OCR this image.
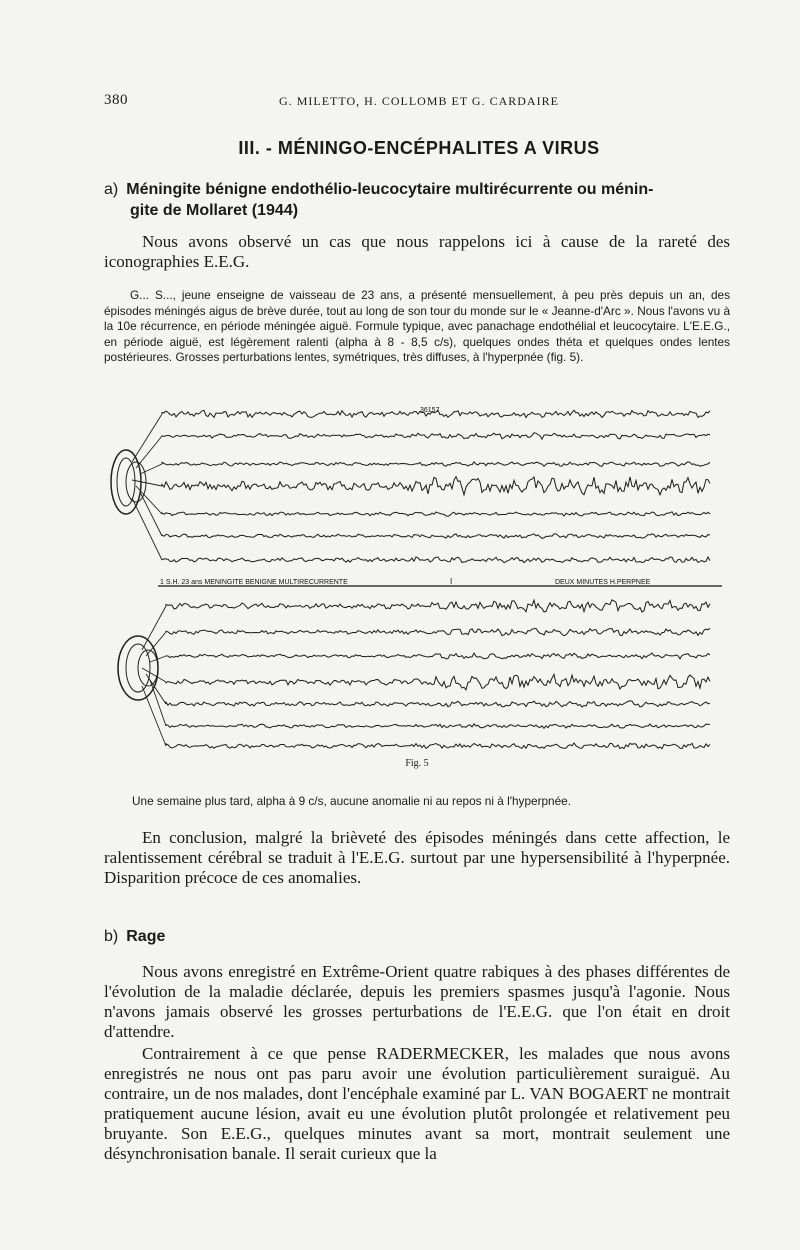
380	G. MILETTO, H. COLLOMB ET G. CARDAIRE
III. - MÉNINGO-ENCÉPHALITES A VIRUS
a) Méningite bénigne endothélio-leucocytaire multirécurrente ou ménin-
gite de Mollaret (1944)

Nous avons observé un cas que nous rappelons ici à cause de la rareté des iconographies E.E.G.

G... S..., jeune enseigne de vaisseau de 23 ans, a présenté mensuellement, à peu près depuis un an, des épisodes méningés aigus de brève durée, tout au long de son tour du monde sur le « Jeanne-d'Arc ». Nous l'avons vu à la 10e récurrence, en période méningée aiguë. Formule typique, avec panachage endothélial et leucocytaire. L'E.E.G., en période aiguë, est légèrement ralenti (alpha à 8 - 8,5 c/s), quelques ondes théta et quelques ondes lentes postérieures. Grosses perturbations lentes, symétriques, très diffuses, à l'hyperpnée (fig. 5).

36157
1 S.H. 23 ans MENINGITE BENIGNE MULTIRECURRENTE	I	DEUX MINUTES H.PERPNEE
Fig. 5

Une semaine plus tard, alpha à 9 c/s, aucune anomalie ni au repos ni à l'hyperpnée.

En conclusion, malgré la brièveté des épisodes méningés dans cette affection, le ralentissement cérébral se traduit à l'E.E.G. surtout par une hypersensibilité à l'hyperpnée. Disparition précoce de ces anomalies.

b) Rage

Nous avons enregistré en Extrême-Orient quatre rabiques à des phases différentes de l'évolution de la maladie déclarée, depuis les premiers spasmes jusqu'à l'agonie. Nous n'avons jamais observé les grosses perturbations de l'E.E.G. que l'on était en droit d'attendre.

Contrairement à ce que pense RADERMECKER, les malades que nous avons enregistrés ne nous ont pas paru avoir une évolution particulièrement suraiguë. Au contraire, un de nos malades, dont l'encéphale examiné par L. VAN BOGAERT ne montrait pratiquement aucune lésion, avait eu une évolution plutôt prolongée et relativement peu bruyante. Son E.E.G., quelques minutes avant sa mort, montrait seulement une désynchronisation banale. Il serait curieux que la
